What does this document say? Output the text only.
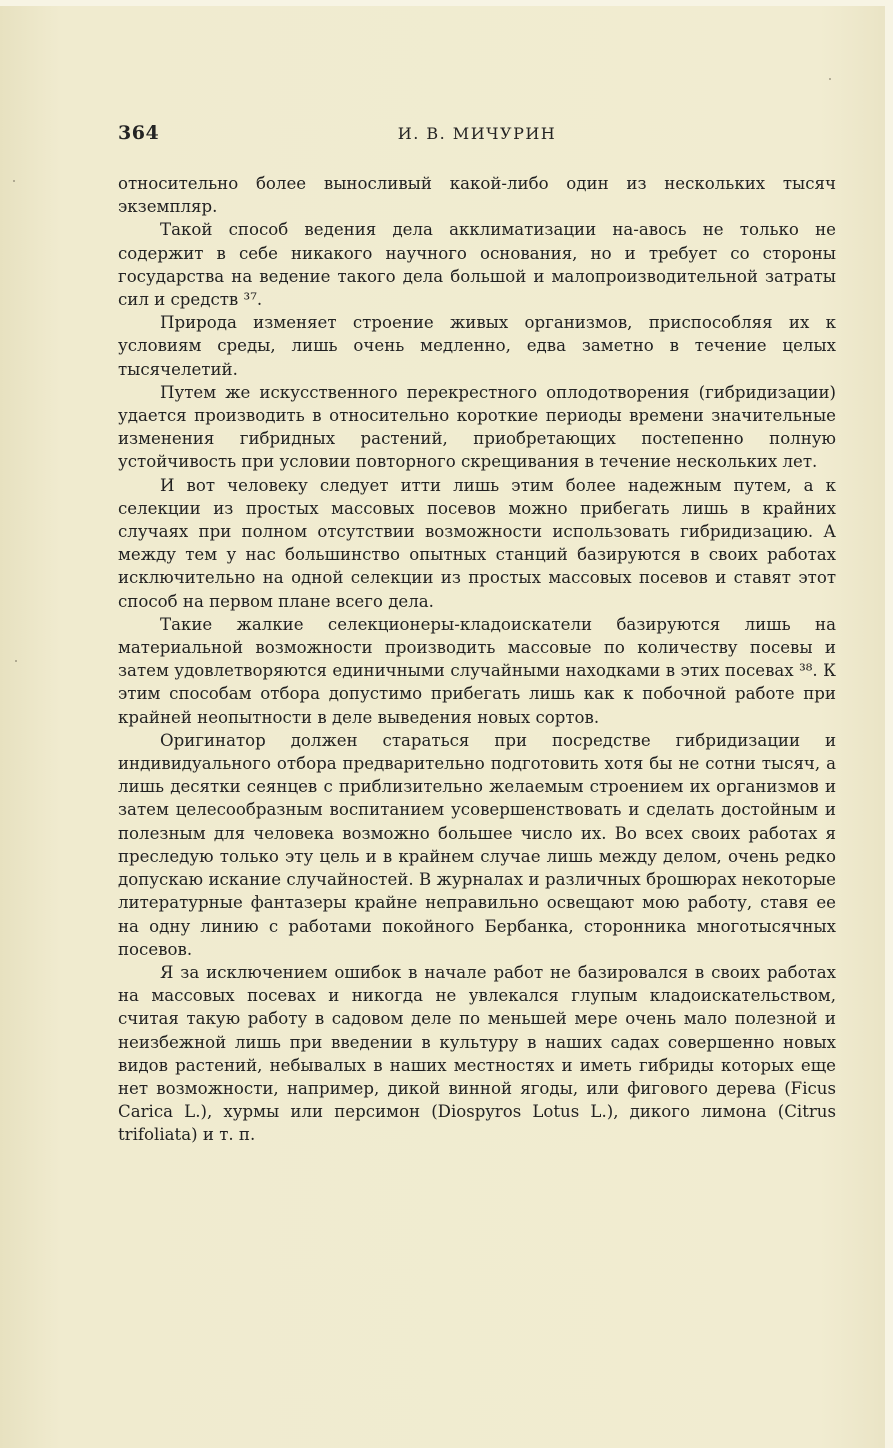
364	И. В. МИЧУРИН

относительно более выносливый какой-либо один из нескольких тысяч экземпляр.

Такой способ ведения дела акклиматизации на-авось не только не содержит в себе никакого научного основания, но и требует со стороны государства на ведение такого дела большой и малопроизводительной затраты сил и средств ³⁷.

Природа изменяет строение живых организмов, приспособляя их к условиям среды, лишь очень медленно, едва заметно в течение целых тысячелетий.

Путем же искусственного перекрестного оплодотворения (гибридизации) удается производить в относительно короткие периоды времени значительные изменения гибридных растений, приобретающих постепенно полную устойчивость при условии повторного скрещивания в течение нескольких лет.

И вот человеку следует итти лишь этим более надежным путем, а к селекции из простых массовых посевов можно прибегать лишь в крайних случаях при полном отсутствии возможности использовать гибридизацию. А между тем у нас большинство опытных станций базируются в своих работах исключительно на одной селекции из простых массовых посевов и ставят этот способ на первом плане всего дела.

Такие жалкие селекционеры-кладоискатели базируются лишь на материальной возможности производить массовые по количеству посевы и затем удовлетворяются единичными случайными находками в этих посевах ³⁸. К этим способам отбора допустимо прибегать лишь как к побочной работе при крайней неопытности в деле выведения новых сортов.

Оригинатор должен стараться при посредстве гибридизации и индивидуального отбора предварительно подготовить хотя бы не сотни тысяч, а лишь десятки сеянцев с приблизительно желаемым строением их организмов и затем целесообразным воспитанием усовершенствовать и сделать достойным и полезным для человека возможно большее число их. Во всех своих работах я преследую только эту цель и в крайнем случае лишь между делом, очень редко допускаю искание случайностей. В журналах и различных брошюрах некоторые литературные фантазеры крайне неправильно освещают мою работу, ставя ее на одну линию с работами покойного Бербанка, сторонника многотысячных посевов.

Я за исключением ошибок в начале работ не базировался в своих работах на массовых посевах и никогда не увлекался глупым кладоискательством, считая такую работу в садовом деле по меньшей мере очень мало полезной и неизбежной лишь при введении в культуру в наших садах совершенно новых видов растений, небывалых в наших местностях и иметь гибриды которых еще нет возможности, например, дикой винной ягоды, или фигового дерева (Ficus Carica L.), хурмы или персимон (Diospyros Lotus L.), дикого лимона (Citrus trifoliata) и т. п.
